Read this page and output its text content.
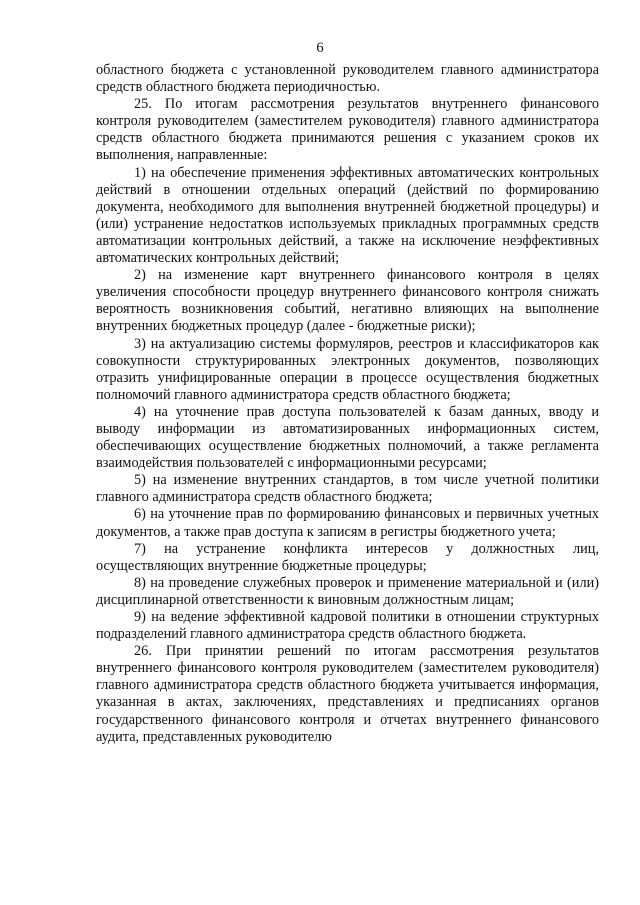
6

областного бюджета с установленной руководителем главного администратора средств областного бюджета периодичностью.

25. По итогам рассмотрения результатов внутреннего финансового контроля руководителем (заместителем руководителя) главного администратора средств областного бюджета принимаются решения с указанием сроков их выполнения, направленные:

1) на обеспечение применения эффективных автоматических контрольных действий в отношении отдельных операций (действий по формированию документа, необходимого для выполнения внутренней бюджетной процедуры) и (или) устранение недостатков используемых прикладных программных средств автоматизации контрольных действий, а также на исключение неэффективных автоматических контрольных действий;

2) на изменение карт внутреннего финансового контроля в целях увеличения способности процедур внутреннего финансового контроля снижать вероятность возникновения событий, негативно влияющих на выполнение внутренних бюджетных процедур (далее - бюджетные риски);

3) на актуализацию системы формуляров, реестров и классификаторов как совокупности структурированных электронных документов, позволяющих отразить унифицированные операции в процессе осуществления бюджетных полномочий главного администратора средств областного бюджета;

4) на уточнение прав доступа пользователей к базам данных, вводу и выводу информации из автоматизированных информационных систем, обеспечивающих осуществление бюджетных полномочий, а также регламента взаимодействия пользователей с информационными ресурсами;

5) на изменение внутренних стандартов, в том числе учетной политики главного администратора средств областного бюджета;

6) на уточнение прав по формированию финансовых и первичных учетных документов, а также прав доступа к записям в регистры бюджетного учета;

7) на устранение конфликта интересов у должностных лиц, осуществляющих внутренние бюджетные процедуры;

8) на проведение служебных проверок и применение материальной и (или) дисциплинарной ответственности к виновным должностным лицам;

9) на ведение эффективной кадровой политики в отношении структурных подразделений главного администратора средств областного бюджета.

26. При принятии решений по итогам рассмотрения результатов внутреннего финансового контроля руководителем (заместителем руководителя) главного администратора средств областного бюджета учитывается информация, указанная в актах, заключениях, представлениях и предписаниях органов государственного финансового контроля и отчетах внутреннего финансового аудита, представленных руководителю
